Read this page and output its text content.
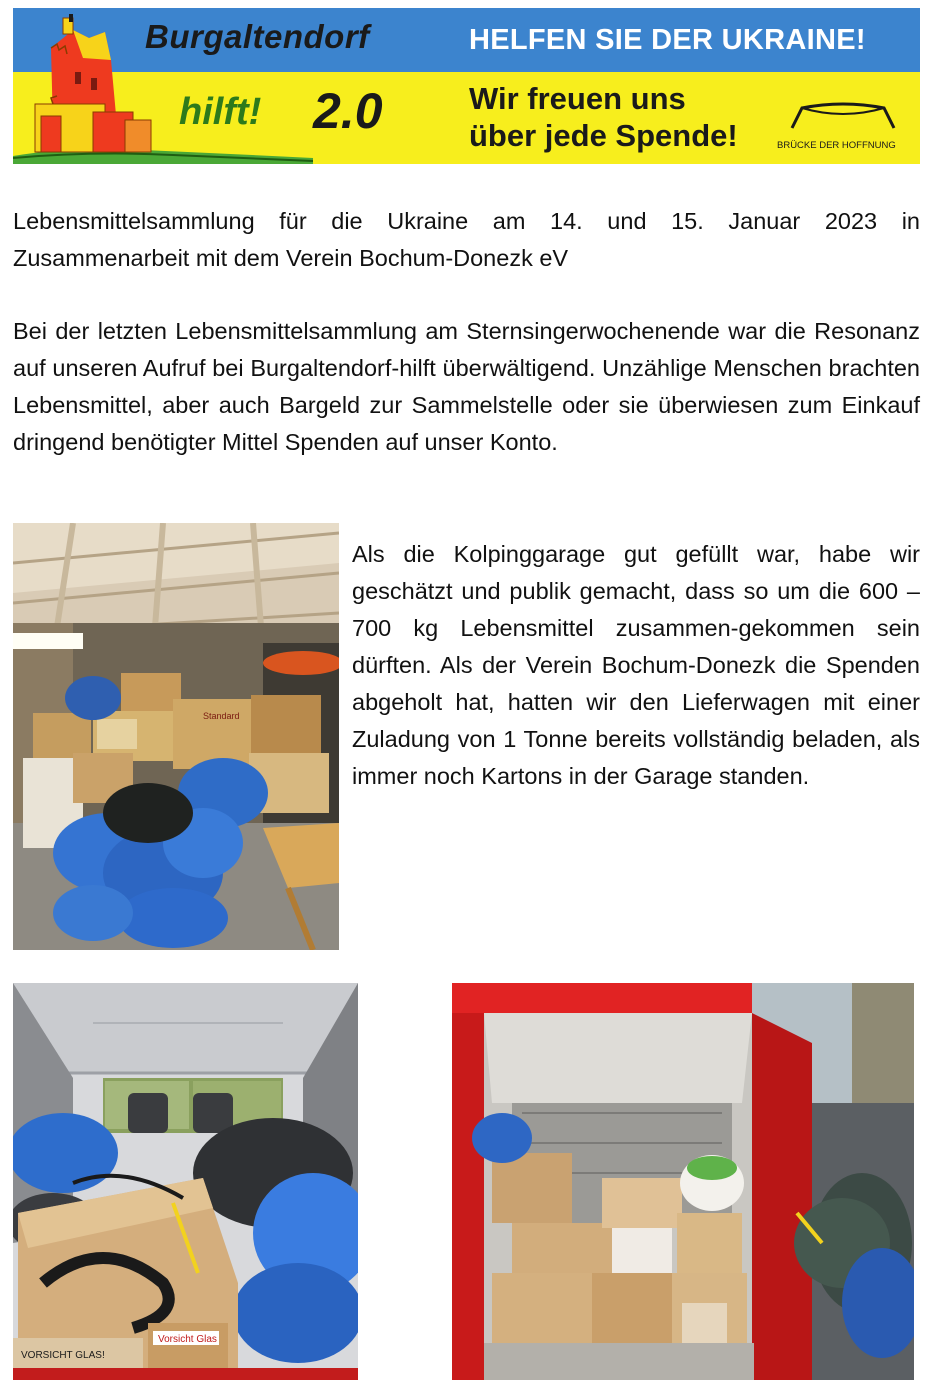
Burgaltendorf
hilft! 2.0
HELFEN SIE DER UKRAINE!
Wir freuen uns
über jede Spende!	BRÜCKE DER HOFFNUNG

Lebensmittelsammlung für die Ukraine am 14. und 15. Januar 2023 in Zusammenarbeit mit dem Verein Bochum-Donezk eV

Bei der letzten Lebensmittelsammlung am Sternsingerwochenende war die Resonanz auf unseren Aufruf bei Burgaltendorf-hilft überwältigend. Unzählige Menschen brachten Lebensmittel, aber auch Bargeld zur Sammelstelle oder sie überwiesen zum Einkauf dringend benötigter Mittel Spenden auf unser Konto.

Als die Kolpinggarage gut gefüllt war, habe wir geschätzt und publik gemacht, dass so um die 600 – 700 kg Lebensmittel zusammen-gekommen sein dürften. Als der Verein Bochum-Donezk die Spenden abgeholt hat, hatten wir den Lieferwagen mit einer Zuladung von 1 Tonne bereits vollständig beladen, als immer noch Kartons in der Garage standen.

Standard
Vorsicht Glas
VORSICHT GLAS!
